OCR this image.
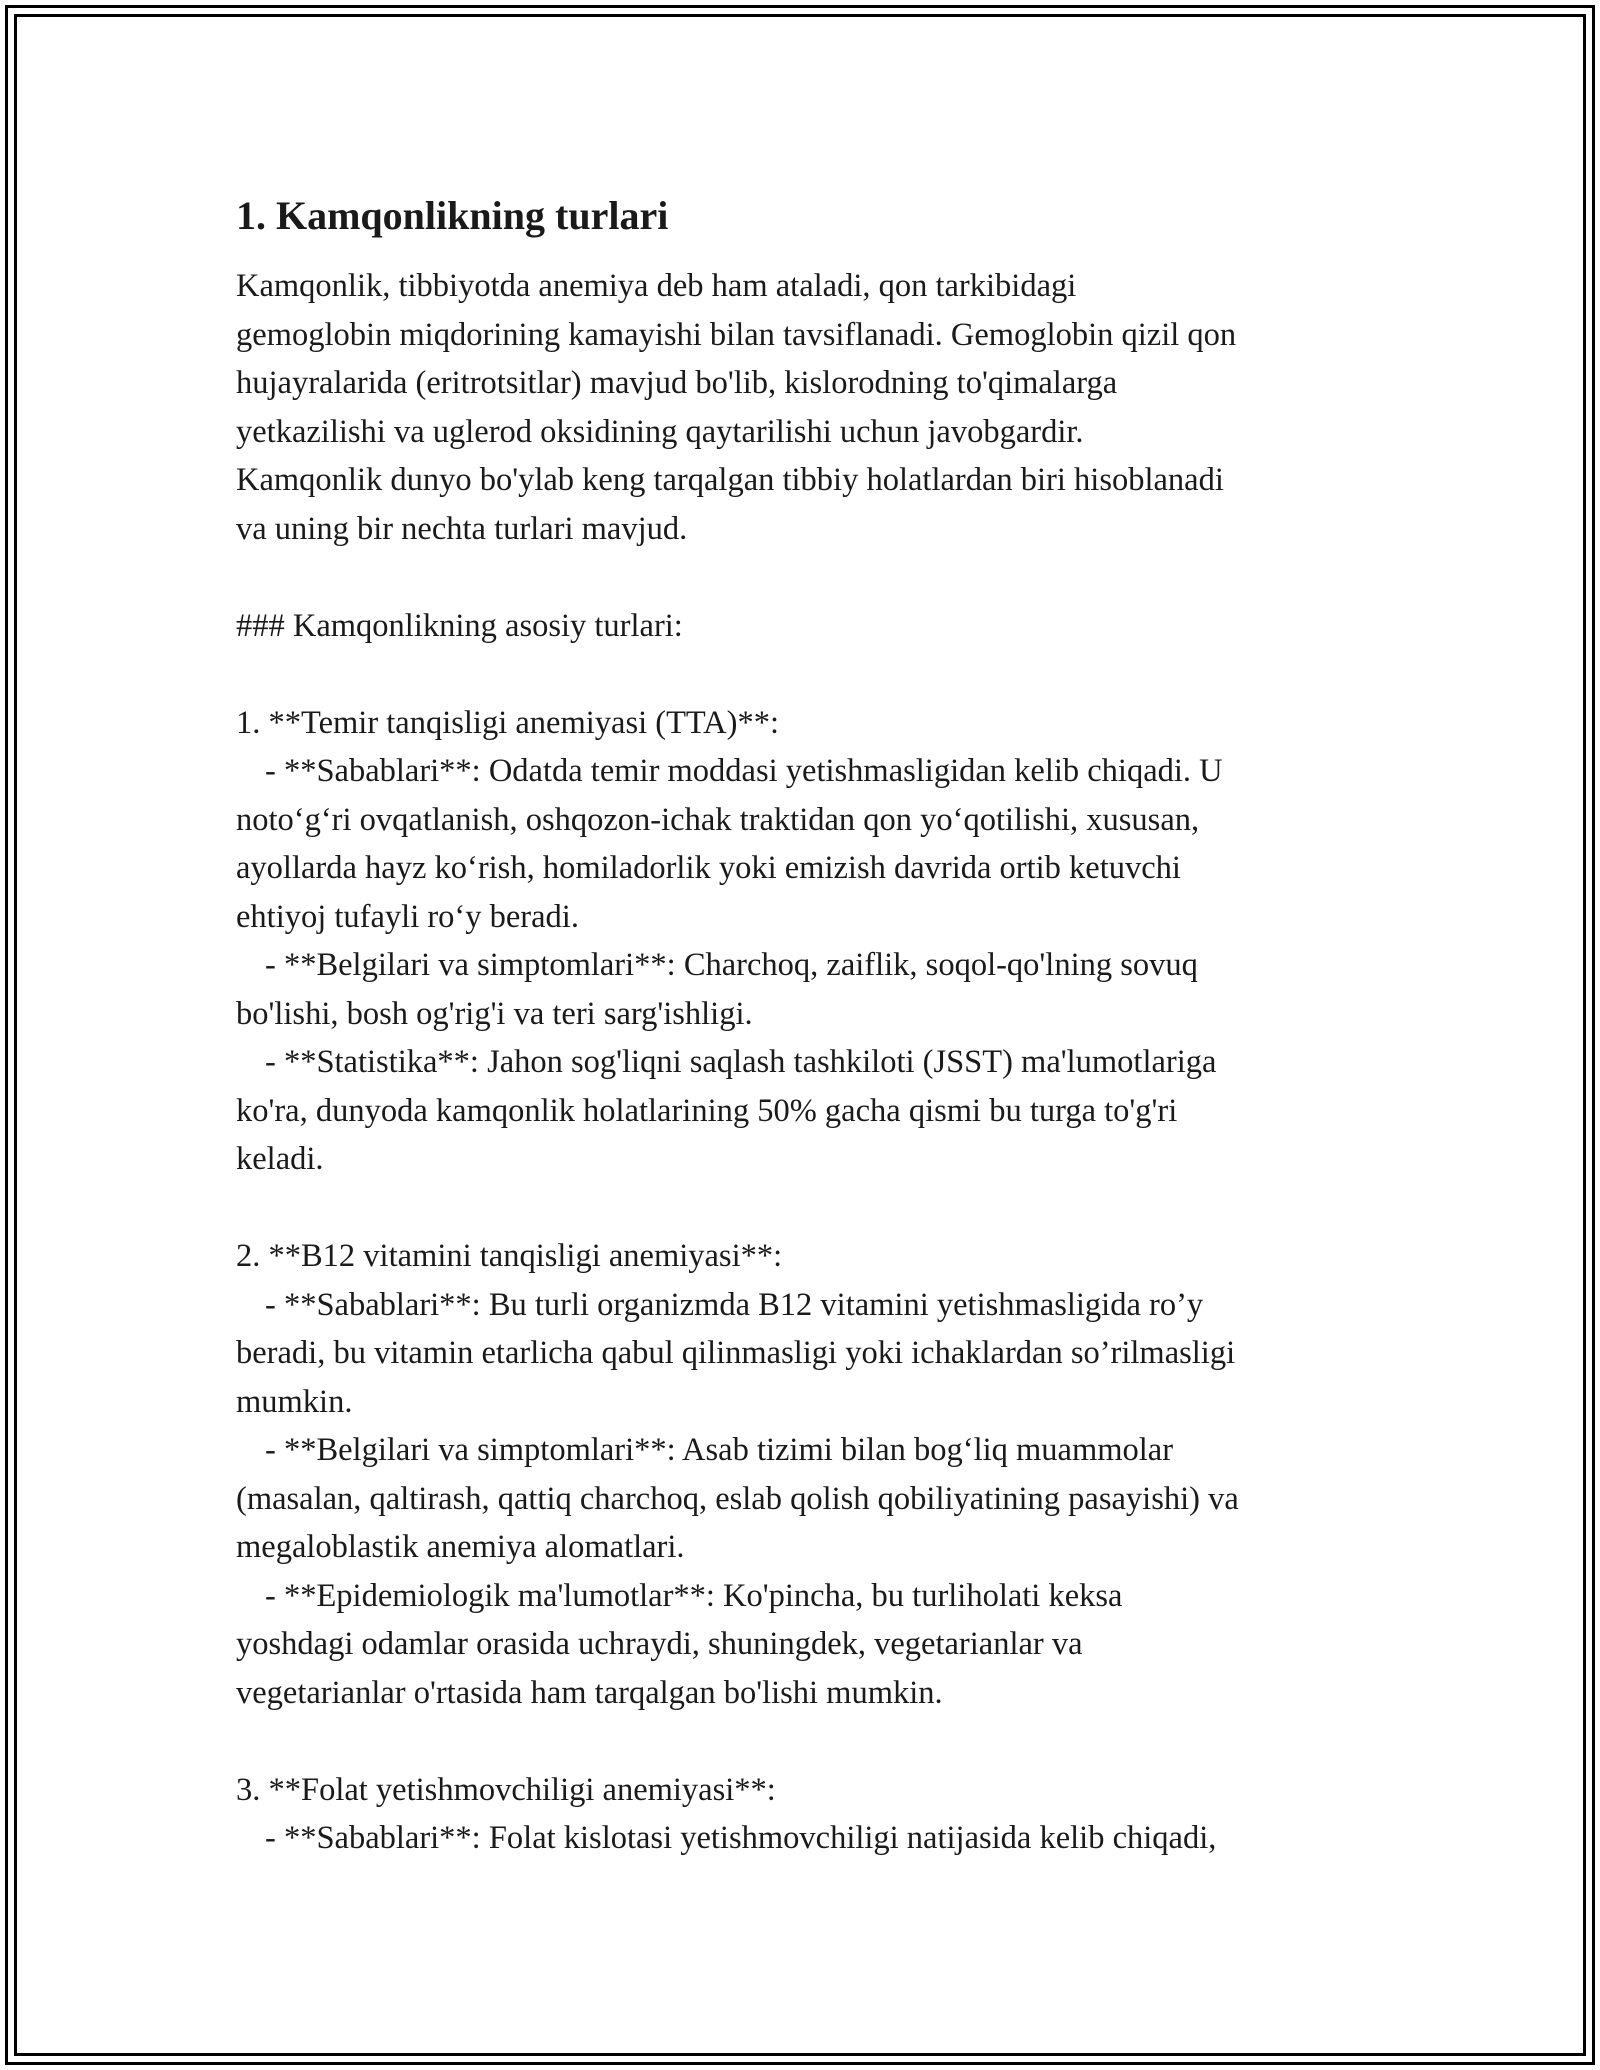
1. Kamqonlikning turlari
Kamqonlik, tibbiyotda anemiya deb ham ataladi, qon tarkibidagi
gemoglobin miqdorining kamayishi bilan tavsiflanadi. Gemoglobin qizil qon
hujayralarida (eritrotsitlar) mavjud bo'lib, kislorodning to'qimalarga
yetkazilishi va uglerod oksidining qaytarilishi uchun javobgardir.
Kamqonlik dunyo bo'ylab keng tarqalgan tibbiy holatlardan biri hisoblanadi
va uning bir nechta turlari mavjud.
### Kamqonlikning asosiy turlari:
1. **Temir tanqisligi anemiyasi (TTA)**:
- **Sabablari**: Odatda temir moddasi yetishmasligidan kelib chiqadi. U
noto‘g‘ri ovqatlanish, oshqozon-ichak traktidan qon yo‘qotilishi, xususan,
ayollarda hayz ko‘rish, homiladorlik yoki emizish davrida ortib ketuvchi
ehtiyoj tufayli ro‘y beradi.
- **Belgilari va simptomlari**: Charchoq, zaiflik, soqol-qo'lning sovuq
bo'lishi, bosh og'rig'i va teri sarg'ishligi.
- **Statistika**: Jahon sog'liqni saqlash tashkiloti (JSST) ma'lumotlariga
ko'ra, dunyoda kamqonlik holatlarining 50% gacha qismi bu turga to'g'ri
keladi.
2. **B12 vitamini tanqisligi anemiyasi**:
- **Sabablari**: Bu turli organizmda B12 vitamini yetishmasligida ro’y
beradi, bu vitamin etarlicha qabul qilinmasligi yoki ichaklardan so’rilmasligi
mumkin.
- **Belgilari va simptomlari**: Asab tizimi bilan bog‘liq muammolar
(masalan, qaltirash, qattiq charchoq, eslab qolish qobiliyatining pasayishi) va
megaloblastik anemiya alomatlari.
- **Epidemiologik ma'lumotlar**: Ko'pincha, bu turliholati keksa
yoshdagi odamlar orasida uchraydi, shuningdek, vegetarianlar va
vegetarianlar o'rtasida ham tarqalgan bo'lishi mumkin.
3. **Folat yetishmovchiligi anemiyasi**:
- **Sabablari**: Folat kislotasi yetishmovchiligi natijasida kelib chiqadi,
